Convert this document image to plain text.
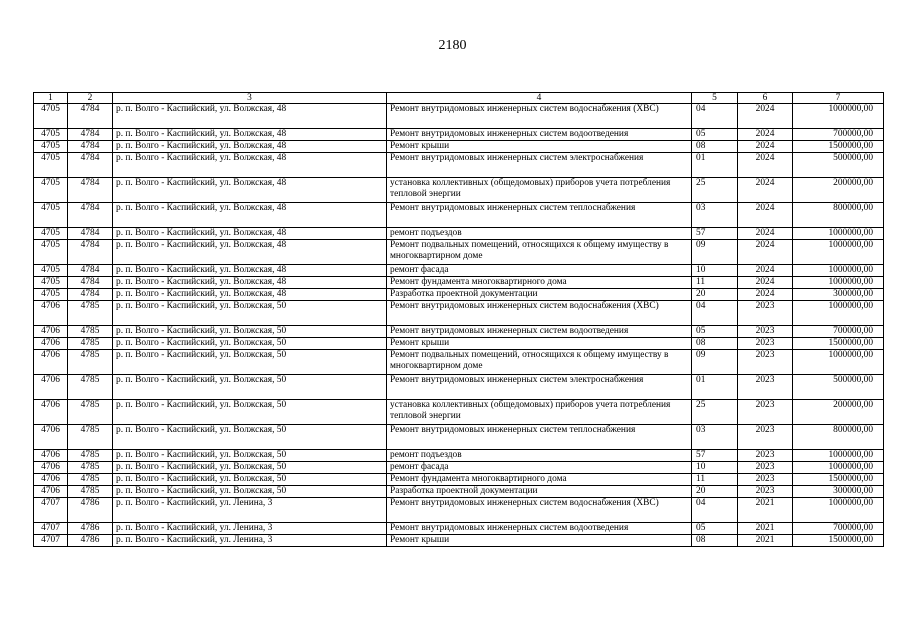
2180
1	2	3	4	5	6	7
4705	4784	р. п. Волго - Каспийский, ул. Волжская, 48	Ремонт внутридомовых инженерных систем водоснабжения (ХВС)	04	2024	1000000,00
4705	4784	р. п. Волго - Каспийский, ул. Волжская, 48	Ремонт внутридомовых инженерных систем водоотведения	05	2024	700000,00
4705	4784	р. п. Волго - Каспийский, ул. Волжская, 48	Ремонт крыши	08	2024	1500000,00
4705	4784	р. п. Волго - Каспийский, ул. Волжская, 48	Ремонт внутридомовых инженерных систем электроснабжения	01	2024	500000,00
4705	4784	р. п. Волго - Каспийский, ул. Волжская, 48	установка коллективных (общедомовых) приборов учета потребления тепловой энергии	25	2024	200000,00
4705	4784	р. п. Волго - Каспийский, ул. Волжская, 48	Ремонт внутридомовых инженерных систем теплоснабжения	03	2024	800000,00
4705	4784	р. п. Волго - Каспийский, ул. Волжская, 48	ремонт подъездов	57	2024	1000000,00
4705	4784	р. п. Волго - Каспийский, ул. Волжская, 48	Ремонт подвальных помещений, относящихся к общему имуществу в многоквартирном доме	09	2024	1000000,00
4705	4784	р. п. Волго - Каспийский, ул. Волжская, 48	ремонт фасада	10	2024	1000000,00
4705	4784	р. п. Волго - Каспийский, ул. Волжская, 48	Ремонт фундамента многоквартирного дома	11	2024	1000000,00
4705	4784	р. п. Волго - Каспийский, ул. Волжская, 48	Разработка проектной документации	20	2024	300000,00
4706	4785	р. п. Волго - Каспийский, ул. Волжская, 50	Ремонт внутридомовых инженерных систем водоснабжения (ХВС)	04	2023	1000000,00
4706	4785	р. п. Волго - Каспийский, ул. Волжская, 50	Ремонт внутридомовых инженерных систем водоотведения	05	2023	700000,00
4706	4785	р. п. Волго - Каспийский, ул. Волжская, 50	Ремонт крыши	08	2023	1500000,00
4706	4785	р. п. Волго - Каспийский, ул. Волжская, 50	Ремонт подвальных помещений, относящихся к общему имуществу в многоквартирном доме	09	2023	1000000,00
4706	4785	р. п. Волго - Каспийский, ул. Волжская, 50	Ремонт внутридомовых инженерных систем электроснабжения	01	2023	500000,00
4706	4785	р. п. Волго - Каспийский, ул. Волжская, 50	установка коллективных (общедомовых) приборов учета потребления тепловой энергии	25	2023	200000,00
4706	4785	р. п. Волго - Каспийский, ул. Волжская, 50	Ремонт внутридомовых инженерных систем теплоснабжения	03	2023	800000,00
4706	4785	р. п. Волго - Каспийский, ул. Волжская, 50	ремонт подъездов	57	2023	1000000,00
4706	4785	р. п. Волго - Каспийский, ул. Волжская, 50	ремонт фасада	10	2023	1000000,00
4706	4785	р. п. Волго - Каспийский, ул. Волжская, 50	Ремонт фундамента многоквартирного дома	11	2023	1500000,00
4706	4785	р. п. Волго - Каспийский, ул. Волжская, 50	Разработка проектной документации	20	2023	300000,00
4707	4786	р. п. Волго - Каспийский, ул. Ленина, 3	Ремонт внутридомовых инженерных систем водоснабжения (ХВС)	04	2021	1000000,00
4707	4786	р. п. Волго - Каспийский, ул. Ленина, 3	Ремонт внутридомовых инженерных систем водоотведения	05	2021	700000,00
4707	4786	р. п. Волго - Каспийский, ул. Ленина, 3	Ремонт крыши	08	2021	1500000,00
